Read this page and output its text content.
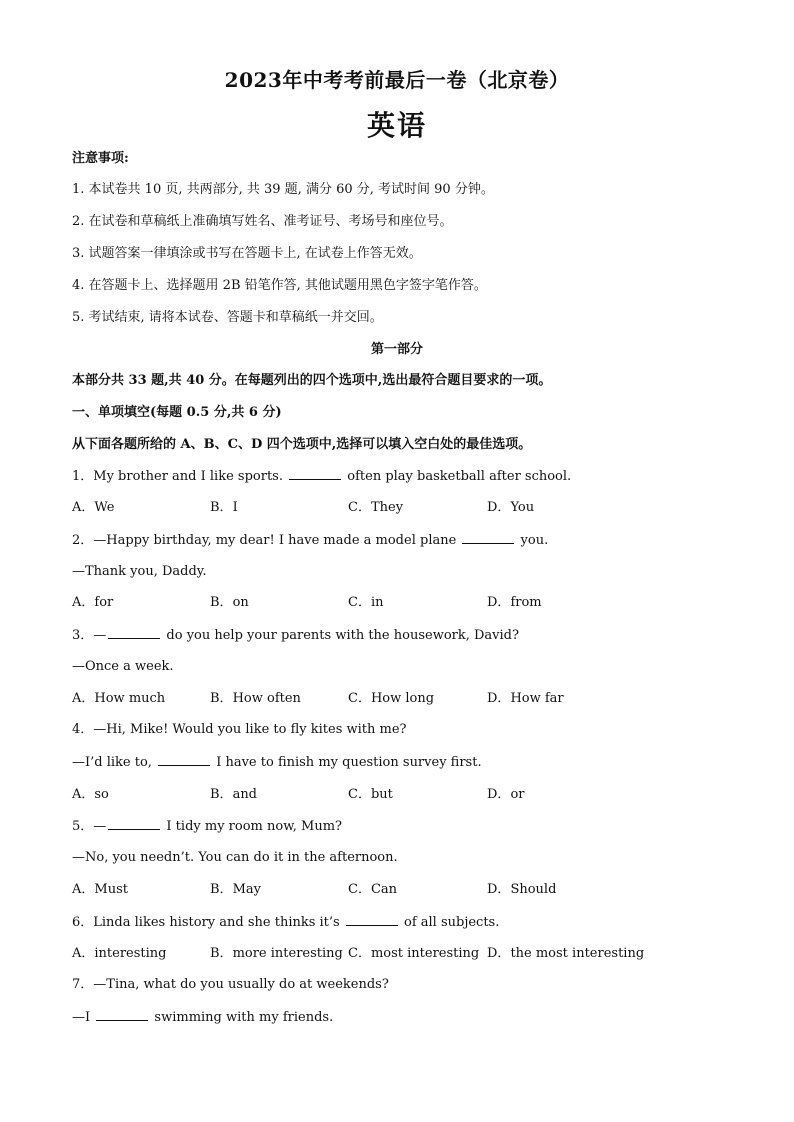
2023年中考考前最后一卷（北京卷）
英语
注意事项:
1. 本试卷共 10 页, 共两部分, 共 39 题, 满分 60 分, 考试时间 90 分钟。
2. 在试卷和草稿纸上准确填写姓名、准考证号、考场号和座位号。
3. 试题答案一律填涂或书写在答题卡上, 在试卷上作答无效。
4. 在答题卡上、选择题用 2B 铅笔作答, 其他试题用黑色字签字笔作答。
5. 考试结束, 请将本试卷、答题卡和草稿纸一并交回。
第一部分
本部分共 33 题,共 40 分。在每题列出的四个选项中,选出最符合题目要求的一项。
一、单项填空(每题 0.5 分,共 6 分)
从下面各题所给的 A、B、C、D 四个选项中,选择可以填入空白处的最佳选项。
1．My brother and I like sports.	often play basketball after school.
A．We	B．I	C．They	D．You
2．—Happy birthday, my dear! I have made a model plane	you.
—Thank you, Daddy.
A．for	B．on	C．in	D．from
3．—	do you help your parents with the housework, David?
—Once a week.
A．How much	B．How often	C．How long	D．How far
4．—Hi, Mike! Would you like to fly kites with me?
—I’d like to,	I have to finish my question survey first.
A．so	B．and	C．but	D．or
5．—	I tidy my room now, Mum?
—No, you needn’t. You can do it in the afternoon.
A．Must	B．May	C．Can	D．Should
6．Linda likes history and she thinks it’s	of all subjects.
A．interesting	B．more interesting C．most interesting D．the most interesting
7．—Tina, what do you usually do at weekends?
—I	swimming with my friends.
